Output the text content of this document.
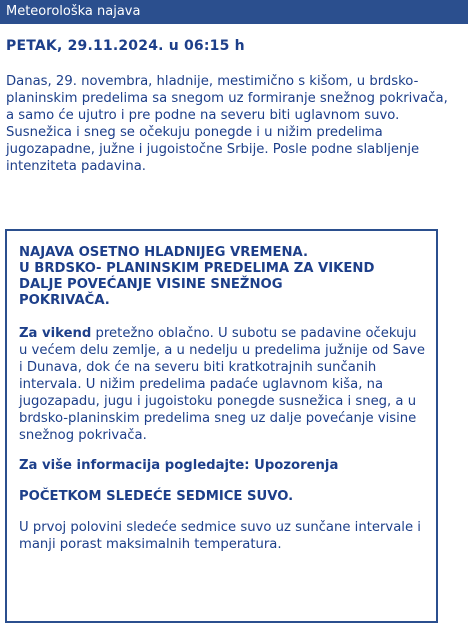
Meteorološka najava
PETAK, 29.11.2024. u 06:15 h
Danas, 29. novembra, hladnije, mestimično s kišom, u brdsko-planinskim predelima sa snegom uz formiranje snežnog pokrivača, a samo će ujutro i pre podne na severu biti uglavnom suvo. Susnežica i sneg se očekuju ponegde i u nižim predelima jugozapadne, južne i jugoistočne Srbije. Posle podne slabljenje intenziteta padavina.
NAJAVA OSETNO HLADNIJEG VREMENA.
U BRDSKO- PLANINSKIM PREDELIMA ZA VIKEND
DALJE POVEĆANJE VISINE SNEŽNOG
POKRIVAČA.
Za vikend pretežno oblačno. U subotu se padavine očekuju u većem delu zemlje, a u nedelju u predelima južnije od Save i Dunava, dok će na severu biti kratkotrajnih sunčanih intervala. U nižim predelima padaće uglavnom kiša, na jugozapadu, jugu i jugoistoku ponegde susnežica i sneg, a u brdsko-planinskim predelima sneg uz dalje povećanje visine snežnog pokrivača.
Za više informacija pogledajte: Upozorenja
POČETKOM SLEDEĆE SEDMICE SUVO.
U prvoj polovini sledeće sedmice suvo uz sunčane intervale i manji porast maksimalnih temperatura.
